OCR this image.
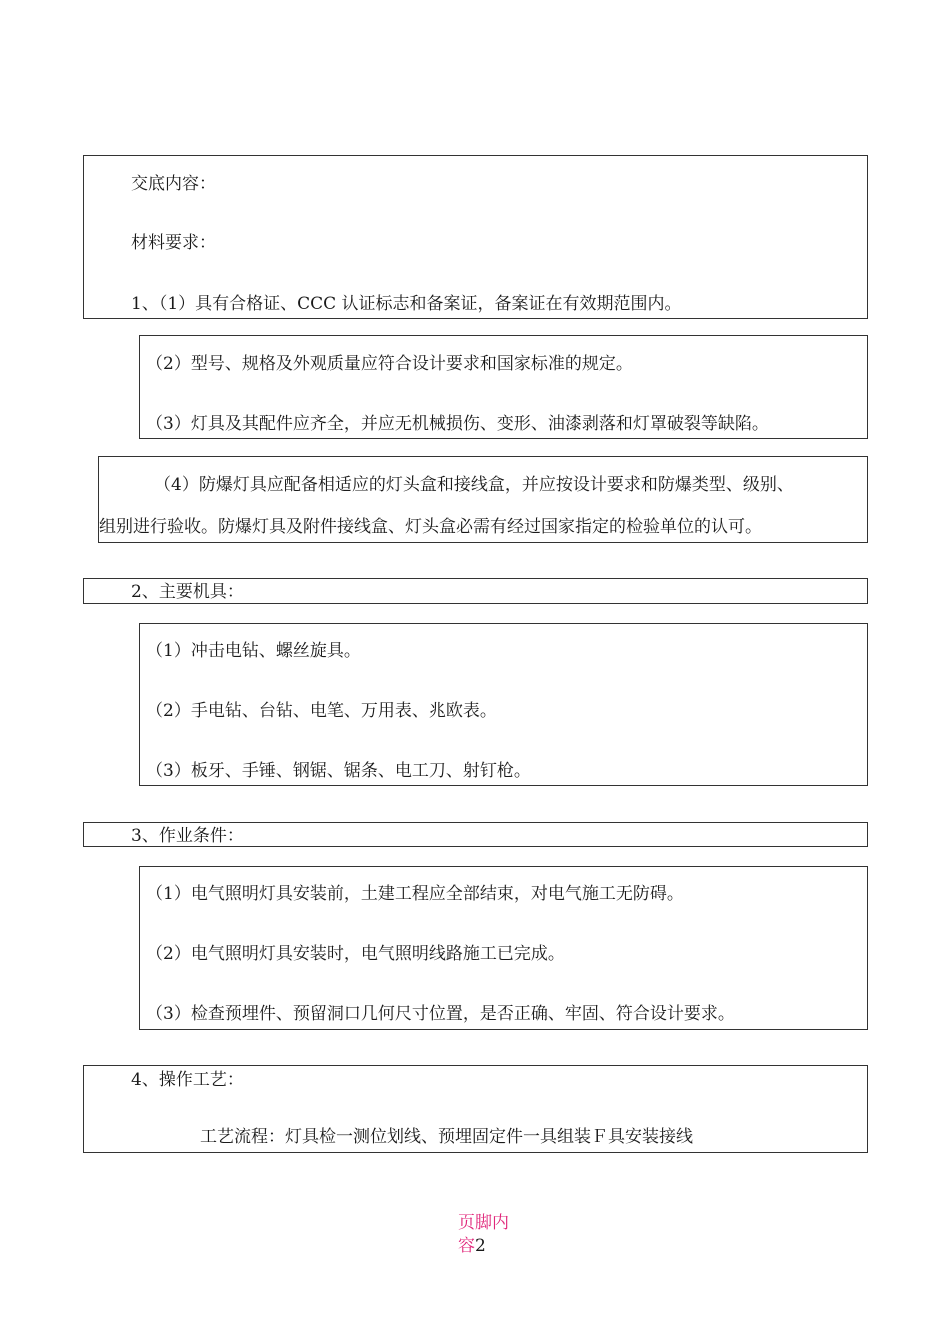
交底内容：
材料要求：
1、（1）具有合格证、CCC 认证标志和备案证，备案证在有效期范围内。
（2）型号、规格及外观质量应符合设计要求和国家标准的规定。
（3）灯具及其配件应齐全，并应无机械损伤、变形、油漆剥落和灯罩破裂等缺陷。
（4）防爆灯具应配备相适应的灯头盒和接线盒，并应按设计要求和防爆类型、级别、
组别进行验收。防爆灯具及附件接线盒、灯头盒必需有经过国家指定的检验单位的认可。
2、主要机具：
（1）冲击电钻、螺丝旋具。
（2）手电钻、台钻、电笔、万用表、兆欧表。
（3）板牙、手锤、钢锯、锯条、电工刀、射钉枪。
3、作业条件：
（1）电气照明灯具安装前，土建工程应全部结束，对电气施工无防碍。
（2）电气照明灯具安装时，电气照明线路施工已完成。
（3）检查预埋件、预留洞口几何尺寸位置，是否正确、牢固、符合设计要求。
4、操作工艺：
工艺流程：灯具检一测位划线、预埋固定件一具组装Ｆ具安装接线
页脚内
容2
